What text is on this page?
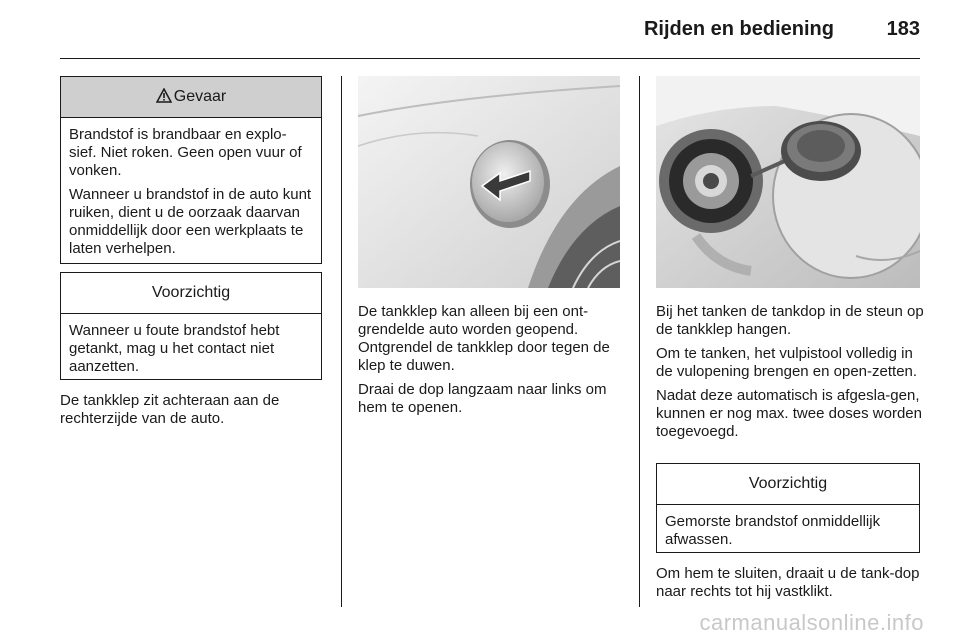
Rijden en bediening	183
Gevaar

Brandstof is brandbaar en explo-sief. Niet roken. Geen open vuur of vonken.

Wanneer u brandstof in de auto kunt ruiken, dient u de oorzaak daarvan onmiddellijk door een werkplaats te laten verhelpen.

Voorzichtig

Wanneer u foute brandstof hebt getankt, mag u het contact niet aanzetten.

De tankklep zit achteraan aan de rechterzijde van de auto.

De tankklep kan alleen bij een ont-grendelde auto worden geopend. Ontgrendel de tankklep door tegen de klep te duwen.

Draai de dop langzaam naar links om hem te openen.

Bij het tanken de tankdop in de steun op de tankklep hangen.

Om te tanken, het vulpistool volledig in de vulopening brengen en open-zetten.

Nadat deze automatisch is afgesla-gen, kunnen er nog max. twee doses worden toegevoegd.

Voorzichtig

Gemorste brandstof onmiddellijk afwassen.

Om hem te sluiten, draait u de tank-dop naar rechts tot hij vastklikt.

carmanualsonline.info
